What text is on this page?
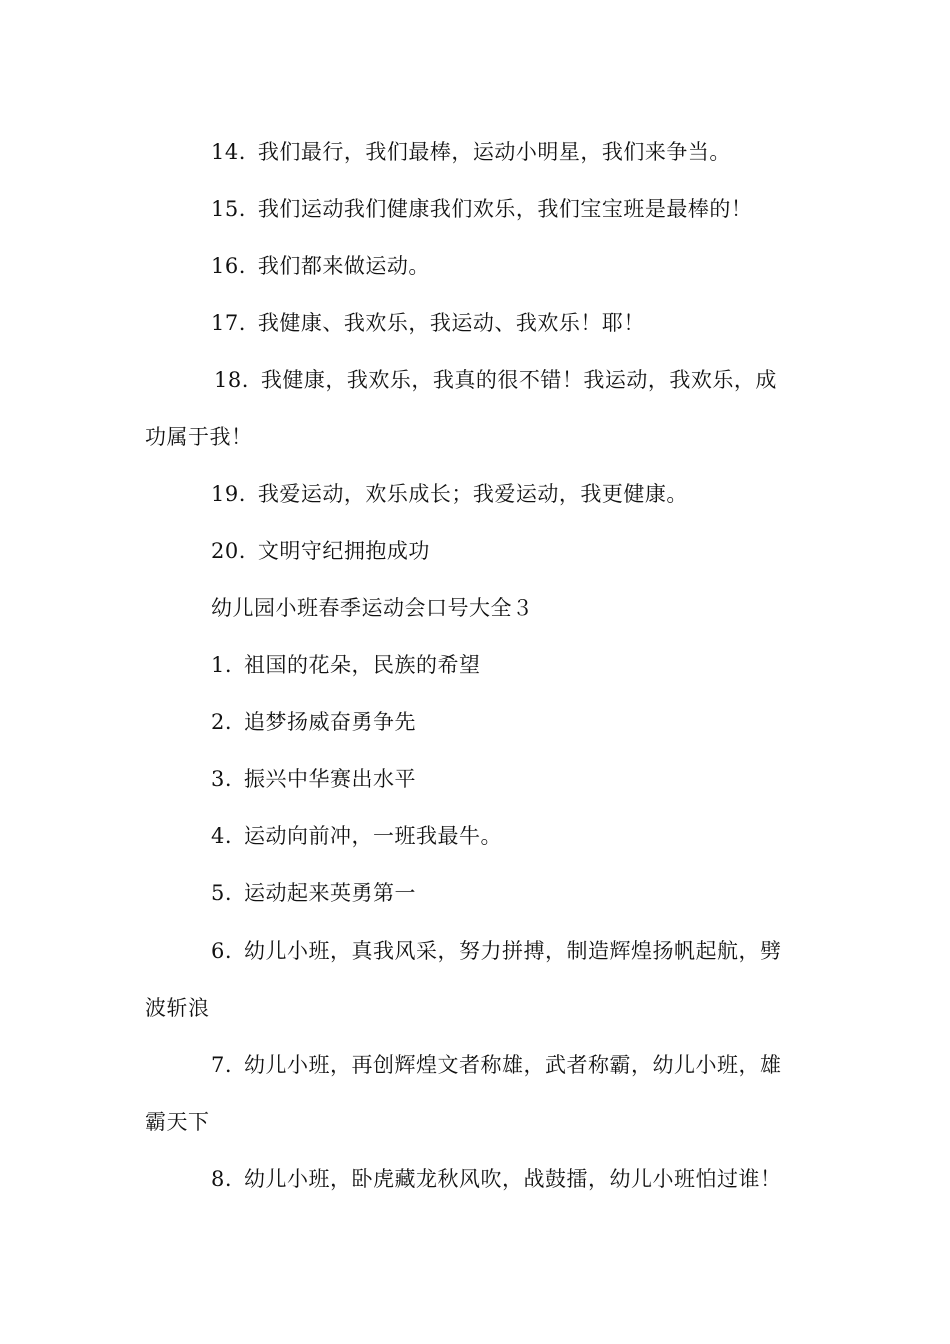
14. 我们最行，我们最棒，运动小明星，我们来争当。
15. 我们运动我们健康我们欢乐，我们宝宝班是最棒的！
16. 我们都来做运动。
17. 我健康、我欢乐，我运动、我欢乐！耶！
18. 我健康，我欢乐，我真的很不错！我运动，我欢乐，成
功属于我！
19. 我爱运动，欢乐成长；我爱运动，我更健康。
20. 文明守纪拥抱成功
幼儿园小班春季运动会口号大全３
1. 祖国的花朵，民族的希望
2. 追梦扬威奋勇争先
3. 振兴中华赛出水平
4. 运动向前冲，一班我最牛。
5. 运动起来英勇第一
6. 幼儿小班，真我风采，努力拼搏，制造辉煌扬帆起航，劈
波斩浪
7. 幼儿小班，再创辉煌文者称雄，武者称霸，幼儿小班，雄
霸天下
8. 幼儿小班，卧虎藏龙秋风吹，战鼓擂，幼儿小班怕过谁！
